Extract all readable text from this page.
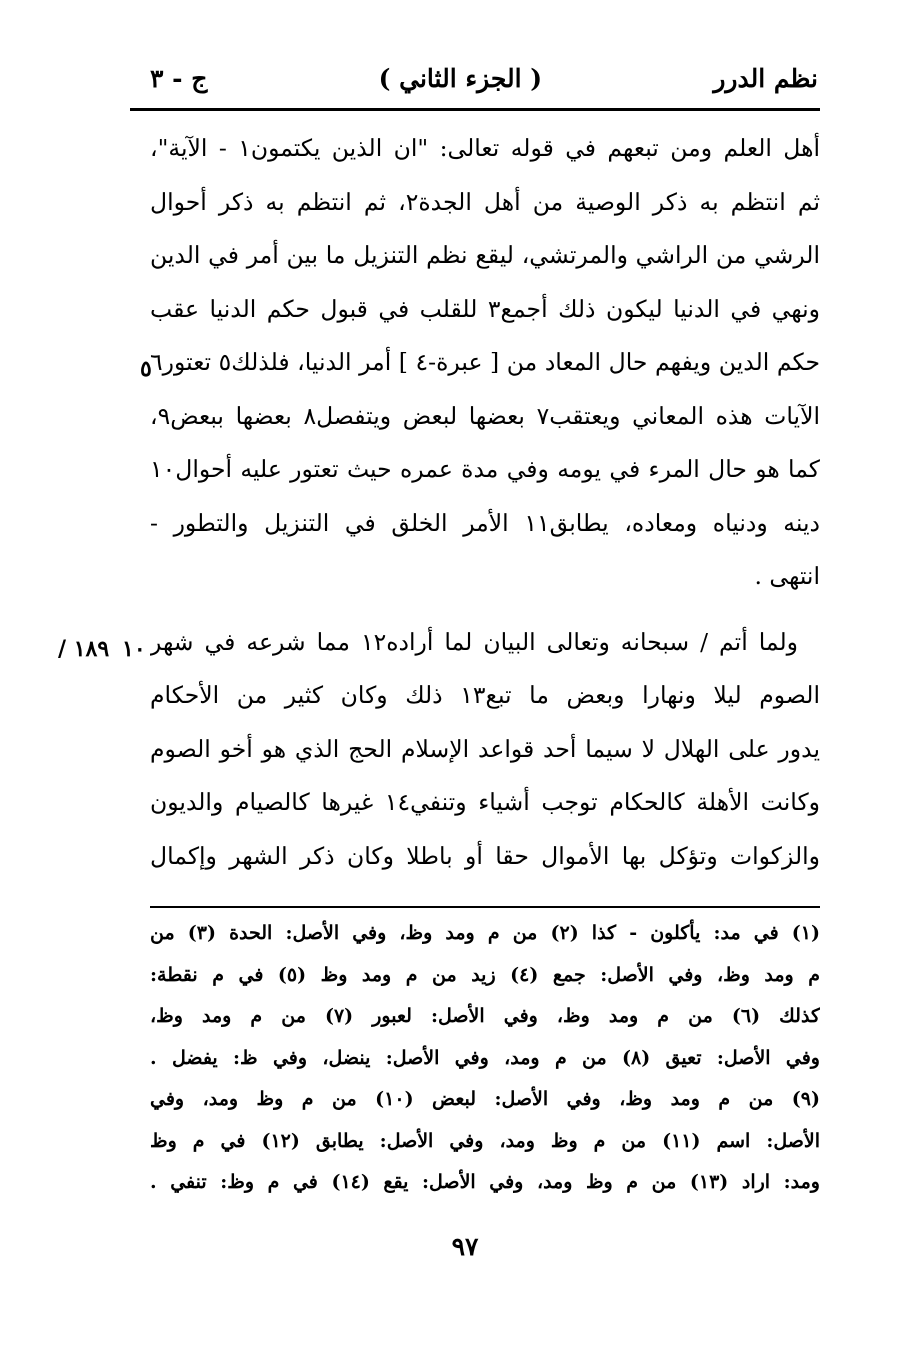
نظم الدرر
( الجزء الثاني )
ج - ٣
أهل العلم ومن تبعهم في قوله تعالى: "ان الذين يكتمون١ - الآية"،
ثم انتظم به ذكر الوصية من أهل الجدة٢، ثم انتظم به ذكر أحوال
الرشي من الراشي والمرتشي، ليقع نظم التنزيل ما بين أمر في الدين
ونهي في الدنيا ليكون ذلك أجمع٣ للقلب في قبول حكم الدنيا عقب
حكم الدين ويفهم حال المعاد من [ عبرة-٤ ] أمر الدنيا، فلذلك٥ تعتور٦
الآيات هذه المعاني ويعتقب٧ بعضها لبعض ويتفصل٨ بعضها ببعض٩،
كما هو حال المرء في يومه وفي مدة عمره حيث تعتور عليه أحوال١٠
دينه ودنياه ومعاده، يطابق١١ الأمر الخلق في التنزيل والتطور -
انتهى .
ولما أتم / سبحانه وتعالى البيان لما أراده١٢ مما شرعه في شهر
الصوم ليلا ونهارا وبعض ما تبع١٣ ذلك وكان كثير من الأحكام
يدور على الهلال لا سيما أحد قواعد الإسلام الحج الذي هو أخو الصوم
وكانت الأهلة كالحكام توجب أشياء وتنفي١٤ غيرها كالصيام والديون
والزكوات وتؤكل بها الأموال حقا أو باطلا وكان ذكر الشهر وإكمال
٥
١٠
١٨٩ /
(١) في مد: يأكلون - كذا (٢) من م ومد وظ، وفي الأصل: الحدة (٣) من
م ومد وظ، وفي الأصل: جمع (٤) زيد من م ومد وظ (٥) في م نقطة:
كذلك (٦) من م ومد وظ، وفي الأصل: لعبور (٧) من م ومد وظ،
وفي الأصل: تعيق (٨) من م ومد، وفي الأصل: ينضل، وفي ظ: يفضل .
(٩) من م ومد وظ، وفي الأصل: لبعض (١٠) من م وظ ومد، وفي
الأصل: اسم (١١) من م وظ ومد، وفي الأصل: يطابق (١٢) في م وظ
ومد: اراد (١٣) من م وظ ومد، وفي الأصل: يقع (١٤) في م وظ: تنفي .
٩٧
